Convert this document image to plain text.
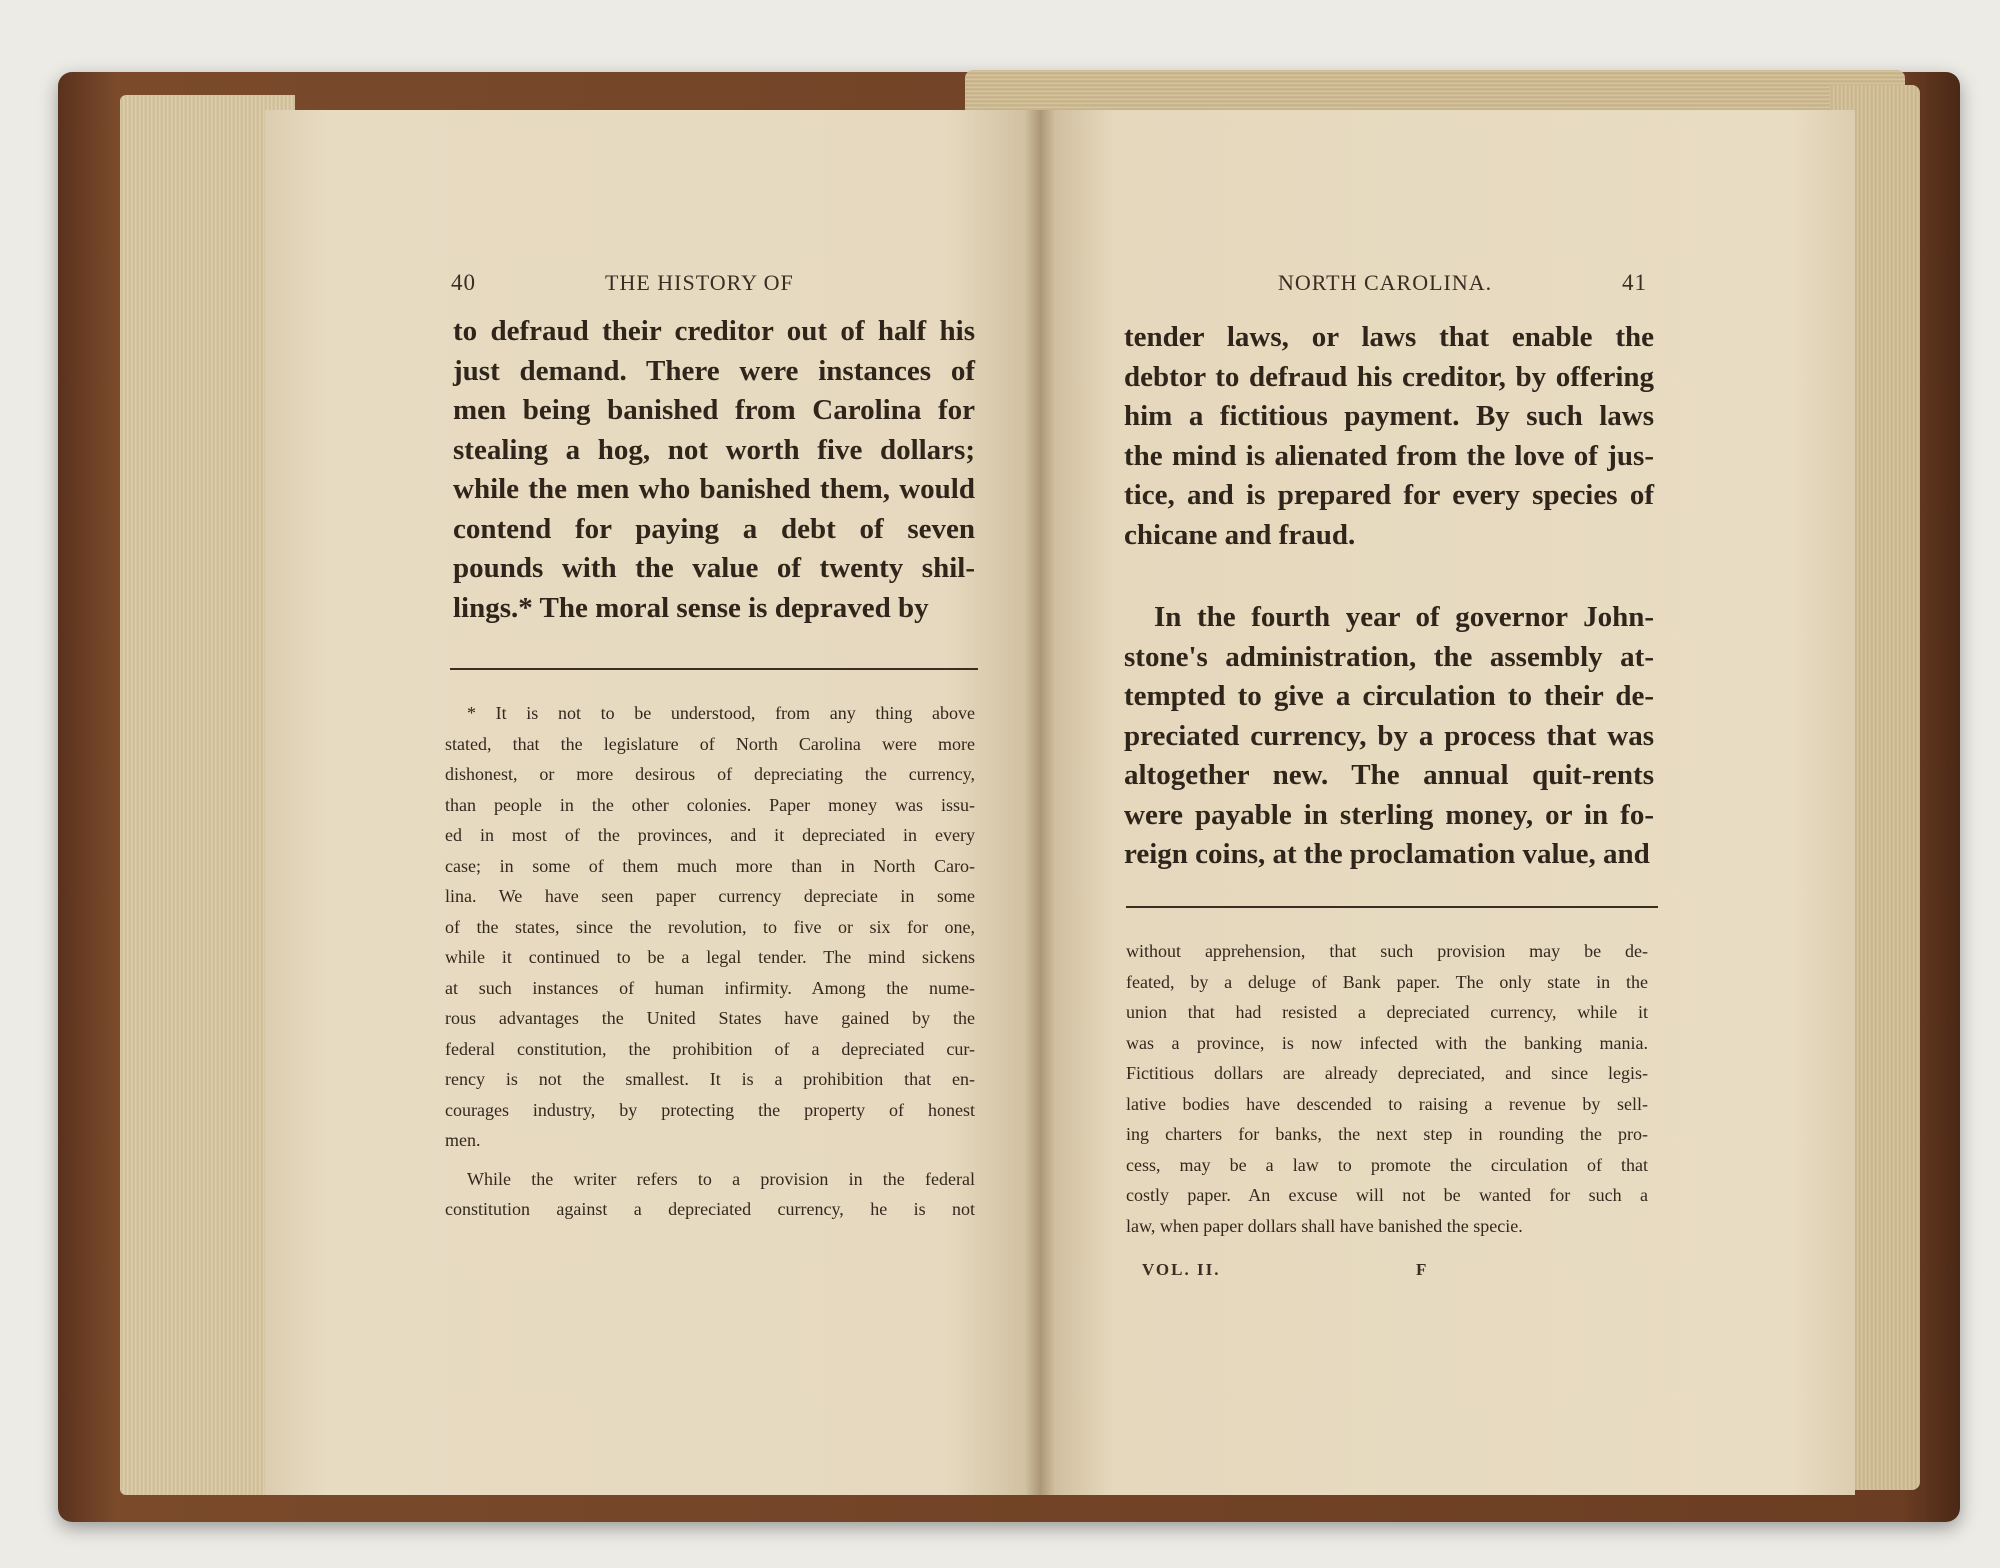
40	THE HISTORY OF
to defraud their creditor out of half his
just demand. There were instances of
men being banished from Carolina for
stealing a hog, not worth five dollars;
while the men who banished them, would
contend for paying a debt of seven
pounds with the value of twenty shil-
lings.* The moral sense is depraved by
* It is not to be understood, from any thing above
stated, that the legislature of North Carolina were more
dishonest, or more desirous of depreciating the currency,
than people in the other colonies. Paper money was issu-
ed in most of the provinces, and it depreciated in every
case; in some of them much more than in North Caro-
lina. We have seen paper currency depreciate in some
of the states, since the revolution, to five or six for one,
while it continued to be a legal tender. The mind sickens
at such instances of human infirmity. Among the nume-
rous advantages the United States have gained by the
federal constitution, the prohibition of a depreciated cur-
rency is not the smallest. It is a prohibition that en-
courages industry, by protecting the property of honest
men.
While the writer refers to a provision in the federal
constitution against a depreciated currency, he is not
NORTH CAROLINA.	41
tender laws, or laws that enable the
debtor to defraud his creditor, by offering
him a fictitious payment. By such laws
the mind is alienated from the love of jus-
tice, and is prepared for every species of
chicane and fraud.
In the fourth year of governor John-
stone's administration, the assembly at-
tempted to give a circulation to their de-
preciated currency, by a process that was
altogether new. The annual quit-rents
were payable in sterling money, or in fo-
reign coins, at the proclamation value, and
without apprehension, that such provision may be de-
feated, by a deluge of Bank paper. The only state in the
union that had resisted a depreciated currency, while it
was a province, is now infected with the banking mania.
Fictitious dollars are already depreciated, and since legis-
lative bodies have descended to raising a revenue by sell-
ing charters for banks, the next step in rounding the pro-
cess, may be a law to promote the circulation of that
costly paper. An excuse will not be wanted for such a
law, when paper dollars shall have banished the specie.
VOL. II.	F
